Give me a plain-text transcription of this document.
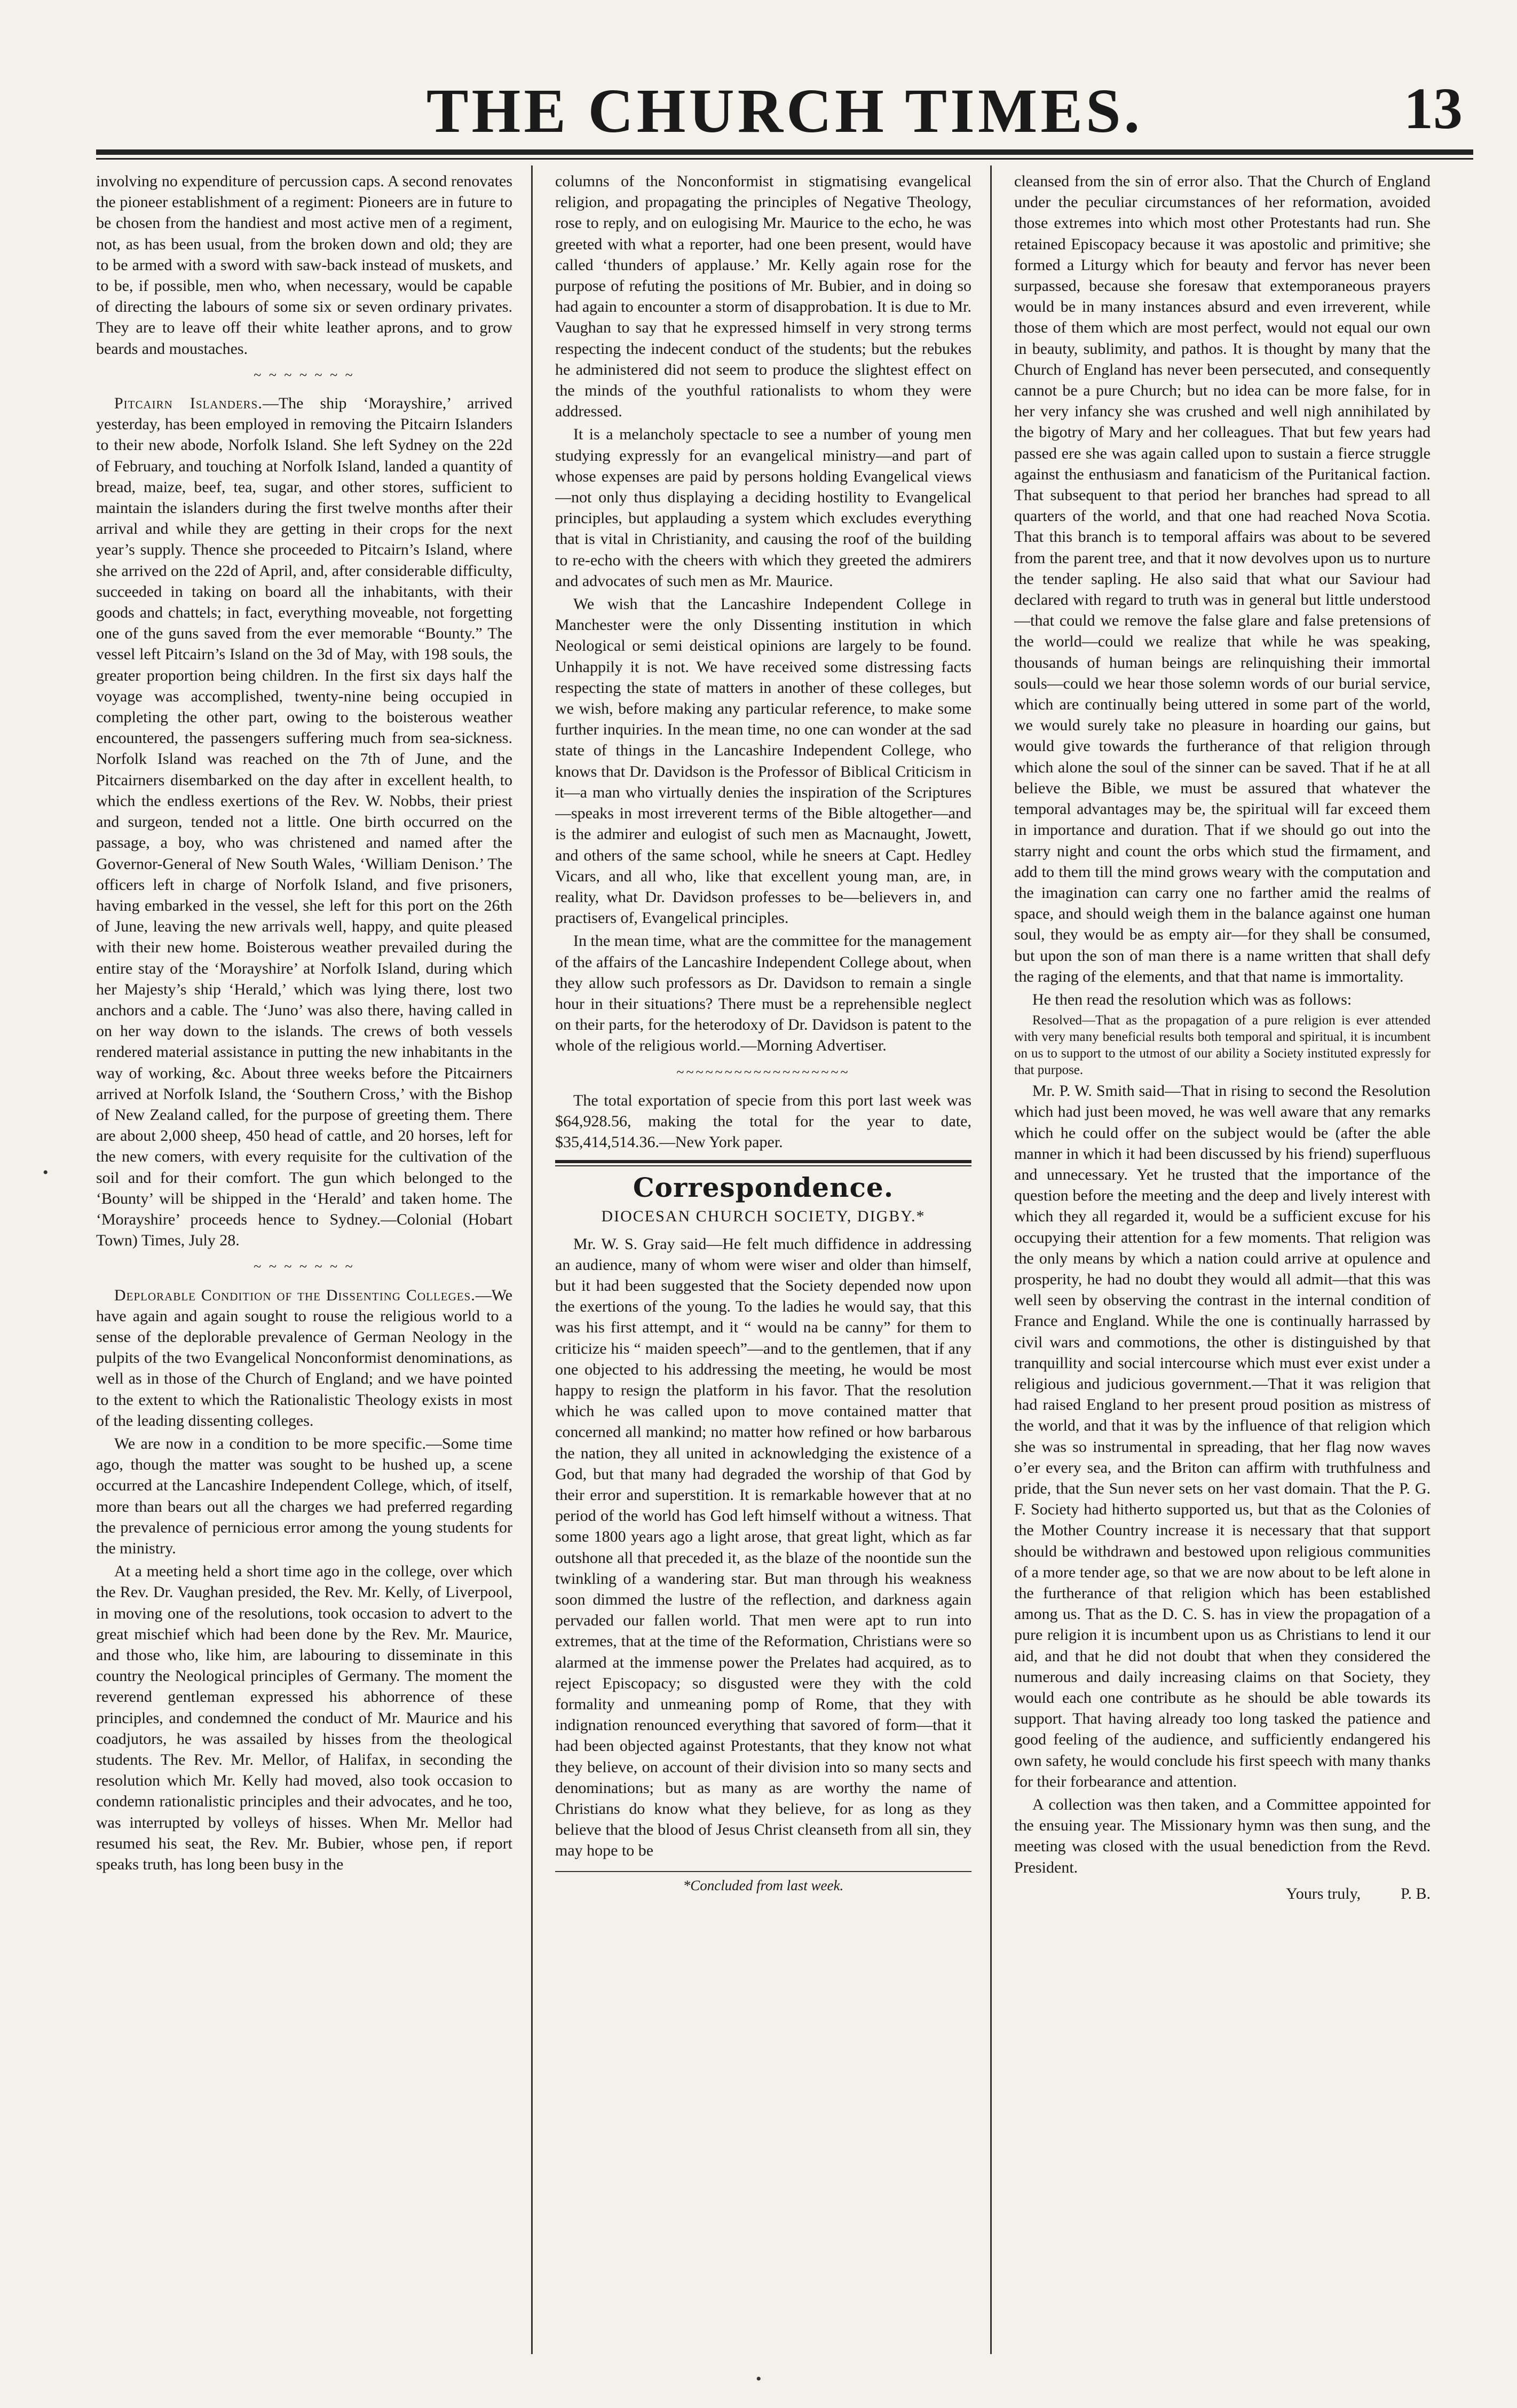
THE CHURCH TIMES.	13

involving no expenditure of percussion caps. A second renovates the pioneer establishment of a regiment: Pioneers are in future to be chosen from the handiest and most active men of a regiment, not, as has been usual, from the broken down and old; they are to be armed with a sword with saw-back instead of muskets, and to be, if possible, men who, when necessary, would be capable of directing the labours of some six or seven ordinary privates. They are to leave off their white leather aprons, and to grow beards and moustaches.

~ ~ ~ ~ ~ ~ ~

Pitcairn Islanders.—The ship ‘Morayshire,’ arrived yesterday, has been employed in removing the Pitcairn Islanders to their new abode, Norfolk Island. She left Sydney on the 22d of February, and touching at Norfolk Island, landed a quantity of bread, maize, beef, tea, sugar, and other stores, sufficient to maintain the islanders during the first twelve months after their arrival and while they are getting in their crops for the next year’s supply. Thence she proceeded to Pitcairn’s Island, where she arrived on the 22d of April, and, after considerable difficulty, succeeded in taking on board all the inhabitants, with their goods and chattels; in fact, everything moveable, not forgetting one of the guns saved from the ever memorable “Bounty.” The vessel left Pitcairn’s Island on the 3d of May, with 198 souls, the greater proportion being children. In the first six days half the voyage was accomplished, twenty-nine being occupied in completing the other part, owing to the boisterous weather encountered, the passengers suffering much from sea-sickness. Norfolk Island was reached on the 7th of June, and the Pitcairners disembarked on the day after in excellent health, to which the endless exertions of the Rev. W. Nobbs, their priest and surgeon, tended not a little. One birth occurred on the passage, a boy, who was christened and named after the Governor-General of New South Wales, ‘William Denison.’ The officers left in charge of Norfolk Island, and five prisoners, having embarked in the vessel, she left for this port on the 26th of June, leaving the new arrivals well, happy, and quite pleased with their new home. Boisterous weather prevailed during the entire stay of the ‘Morayshire’ at Norfolk Island, during which her Majesty’s ship ‘Herald,’ which was lying there, lost two anchors and a cable. The ‘Juno’ was also there, having called in on her way down to the islands. The crews of both vessels rendered material assistance in putting the new inhabitants in the way of working, &c. About three weeks before the Pitcairners arrived at Norfolk Island, the ‘Southern Cross,’ with the Bishop of New Zealand called, for the purpose of greeting them. There are about 2,000 sheep, 450 head of cattle, and 20 horses, left for the new comers, with every requisite for the cultivation of the soil and for their comfort. The gun which belonged to the ‘Bounty’ will be shipped in the ‘Herald’ and taken home. The ‘Morayshire’ proceeds hence to Sydney.—Colonial (Hobart Town) Times, July 28.

~ ~ ~ ~ ~ ~ ~

Deplorable Condition of the Dissenting Colleges.—We have again and again sought to rouse the religious world to a sense of the deplorable prevalence of German Neology in the pulpits of the two Evangelical Nonconformist denominations, as well as in those of the Church of England; and we have pointed to the extent to which the Rationalistic Theology exists in most of the leading dissenting colleges.

We are now in a condition to be more specific.—Some time ago, though the matter was sought to be hushed up, a scene occurred at the Lancashire Independent College, which, of itself, more than bears out all the charges we had preferred regarding the prevalence of pernicious error among the young students for the ministry.

At a meeting held a short time ago in the college, over which the Rev. Dr. Vaughan presided, the Rev. Mr. Kelly, of Liverpool, in moving one of the resolutions, took occasion to advert to the great mischief which had been done by the Rev. Mr. Maurice, and those who, like him, are labouring to disseminate in this country the Neological principles of Germany. The moment the reverend gentleman expressed his abhorrence of these principles, and condemned the conduct of Mr. Maurice and his coadjutors, he was assailed by hisses from the theological students. The Rev. Mr. Mellor, of Halifax, in seconding the resolution which Mr. Kelly had moved, also took occasion to condemn rationalistic principles and their advocates, and he too, was interrupted by volleys of hisses. When Mr. Mellor had resumed his seat, the Rev. Mr. Bubier, whose pen, if report speaks truth, has long been busy in the

columns of the Nonconformist in stigmatising evangelical religion, and propagating the principles of Negative Theology, rose to reply, and on eulogising Mr. Maurice to the echo, he was greeted with what a reporter, had one been present, would have called ‘thunders of applause.’ Mr. Kelly again rose for the purpose of refuting the positions of Mr. Bubier, and in doing so had again to encounter a storm of disapprobation. It is due to Mr. Vaughan to say that he expressed himself in very strong terms respecting the indecent conduct of the students; but the rebukes he administered did not seem to produce the slightest effect on the minds of the youthful rationalists to whom they were addressed.

It is a melancholy spectacle to see a number of young men studying expressly for an evangelical ministry—and part of whose expenses are paid by persons holding Evangelical views—not only thus displaying a deciding hostility to Evangelical principles, but applauding a system which excludes everything that is vital in Christianity, and causing the roof of the building to re-echo with the cheers with which they greeted the admirers and advocates of such men as Mr. Maurice.

We wish that the Lancashire Independent College in Manchester were the only Dissenting institution in which Neological or semi deistical opinions are largely to be found. Unhappily it is not. We have received some distressing facts respecting the state of matters in another of these colleges, but we wish, before making any particular reference, to make some further inquiries. In the mean time, no one can wonder at the sad state of things in the Lancashire Independent College, who knows that Dr. Davidson is the Professor of Biblical Criticism in it—a man who virtually denies the inspiration of the Scriptures—speaks in most irreverent terms of the Bible altogether—and is the admirer and eulogist of such men as Macnaught, Jowett, and others of the same school, while he sneers at Capt. Hedley Vicars, and all who, like that excellent young man, are, in reality, what Dr. Davidson professes to be—believers in, and practisers of, Evangelical principles.

In the mean time, what are the committee for the management of the affairs of the Lancashire Independent College about, when they allow such professors as Dr. Davidson to remain a single hour in their situations? There must be a reprehensible neglect on their parts, for the heterodoxy of Dr. Davidson is patent to the whole of the religious world.—Morning Advertiser.

~~~~~~~~~~~~~~~~~~

The total exportation of specie from this port last week was $64,928.56, making the total for the year to date, $35,414,514.36.—New York paper.

Correspondence.
DIOCESAN CHURCH SOCIETY, DIGBY.*

Mr. W. S. Gray said—He felt much diffidence in addressing an audience, many of whom were wiser and older than himself, but it had been suggested that the Society depended now upon the exertions of the young. To the ladies he would say, that this was his first attempt, and it “ would na be canny” for them to criticize his “ maiden speech”—and to the gentlemen, that if any one objected to his addressing the meeting, he would be most happy to resign the platform in his favor. That the resolution which he was called upon to move contained matter that concerned all mankind; no matter how refined or how barbarous the nation, they all united in acknowledging the existence of a God, but that many had degraded the worship of that God by their error and superstition. It is remarkable however that at no period of the world has God left himself without a witness. That some 1800 years ago a light arose, that great light, which as far outshone all that preceded it, as the blaze of the noontide sun the twinkling of a wandering star. But man through his weakness soon dimmed the lustre of the reflection, and darkness again pervaded our fallen world. That men were apt to run into extremes, that at the time of the Reformation, Christians were so alarmed at the immense power the Prelates had acquired, as to reject Episcopacy; so disgusted were they with the cold formality and unmeaning pomp of Rome, that they with indignation renounced everything that savored of form—that it had been objected against Protestants, that they know not what they believe, on account of their division into so many sects and denominations; but as many as are worthy the name of Christians do know what they believe, for as long as they believe that the blood of Jesus Christ cleanseth from all sin, they may hope to be

*Concluded from last week.

cleansed from the sin of error also. That the Church of England under the peculiar circumstances of her reformation, avoided those extremes into which most other Protestants had run. She retained Episcopacy because it was apostolic and primitive; she formed a Liturgy which for beauty and fervor has never been surpassed, because she foresaw that extemporaneous prayers would be in many instances absurd and even irreverent, while those of them which are most perfect, would not equal our own in beauty, sublimity, and pathos. It is thought by many that the Church of England has never been persecuted, and consequently cannot be a pure Church; but no idea can be more false, for in her very infancy she was crushed and well nigh annihilated by the bigotry of Mary and her colleagues. That but few years had passed ere she was again called upon to sustain a fierce struggle against the enthusiasm and fanaticism of the Puritanical faction. That subsequent to that period her branches had spread to all quarters of the world, and that one had reached Nova Scotia. That this branch is to temporal affairs was about to be severed from the parent tree, and that it now devolves upon us to nurture the tender sapling. He also said that what our Saviour had declared with regard to truth was in general but little understood—that could we remove the false glare and false pretensions of the world—could we realize that while he was speaking, thousands of human beings are relinquishing their immortal souls—could we hear those solemn words of our burial service, which are continually being uttered in some part of the world, we would surely take no pleasure in hoarding our gains, but would give towards the furtherance of that religion through which alone the soul of the sinner can be saved. That if he at all believe the Bible, we must be assured that whatever the temporal advantages may be, the spiritual will far exceed them in importance and duration. That if we should go out into the starry night and count the orbs which stud the firmament, and add to them till the mind grows weary with the computation and the imagination can carry one no farther amid the realms of space, and should weigh them in the balance against one human soul, they would be as empty air—for they shall be consumed, but upon the son of man there is a name written that shall defy the raging of the elements, and that that name is immortality.

He then read the resolution which was as follows:

Resolved—That as the propagation of a pure religion is ever attended with very many beneficial results both temporal and spiritual, it is incumbent on us to support to the utmost of our ability a Society instituted expressly for that purpose.

Mr. P. W. Smith said—That in rising to second the Resolution which had just been moved, he was well aware that any remarks which he could offer on the subject would be (after the able manner in which it had been discussed by his friend) superfluous and unnecessary. Yet he trusted that the importance of the question before the meeting and the deep and lively interest with which they all regarded it, would be a sufficient excuse for his occupying their attention for a few moments. That religion was the only means by which a nation could arrive at opulence and prosperity, he had no doubt they would all admit—that this was well seen by observing the contrast in the internal condition of France and England. While the one is continually harrassed by civil wars and commotions, the other is distinguished by that tranquillity and social intercourse which must ever exist under a religious and judicious government.—That it was religion that had raised England to her present proud position as mistress of the world, and that it was by the influence of that religion which she was so instrumental in spreading, that her flag now waves o’er every sea, and the Briton can affirm with truthfulness and pride, that the Sun never sets on her vast domain. That the P. G. F. Society had hitherto supported us, but that as the Colonies of the Mother Country increase it is necessary that that support should be withdrawn and bestowed upon religious communities of a more tender age, so that we are now about to be left alone in the furtherance of that religion which has been established among us. That as the D. C. S. has in view the propagation of a pure religion it is incumbent upon us as Christians to lend it our aid, and that he did not doubt that when they considered the numerous and daily increasing claims on that Society, they would each one contribute as he should be able towards its support. That having already too long tasked the patience and good feeling of the audience, and sufficiently endangered his own safety, he would conclude his first speech with many thanks for their forbearance and attention.

A collection was then taken, and a Committee appointed for the ensuing year. The Missionary hymn was then sung, and the meeting was closed with the usual benediction from the Revd. President.

Yours truly,	P. B.
•
•
